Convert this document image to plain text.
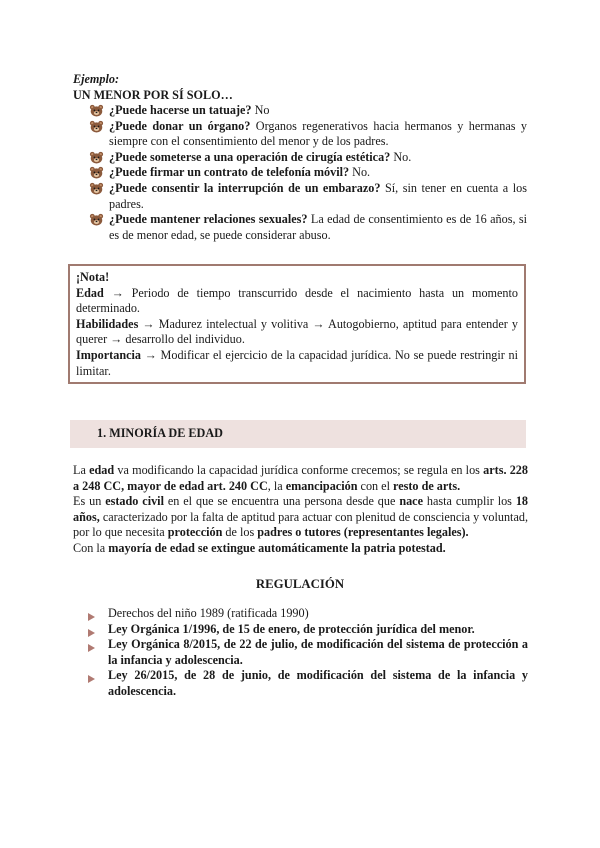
Ejemplo:
UN MENOR POR SÍ SOLO…
¿Puede hacerse un tatuaje? No
¿Puede donar un órgano? Organos regenerativos hacia hermanos y hermanas y siempre con el consentimiento del menor y de los padres.
¿Puede someterse a una operación de cirugía estética? No.
¿Puede firmar un contrato de telefonía móvil? No.
¿Puede consentir la interrupción de un embarazo? Sí, sin tener en cuenta a los padres.
¿Puede mantener relaciones sexuales? La edad de consentimiento es de 16 años, si es de menor edad, se puede considerar abuso.

¡Nota!

Edad → Periodo de tiempo transcurrido desde el nacimiento hasta un momento determinado.

Habilidades → Madurez intelectual y volitiva → Autogobierno, aptitud para entender y querer → desarrollo del individuo.

Importancia → Modificar el ejercicio de la capacidad jurídica. No se puede restringir ni limitar.

1. MINORÍA DE EDAD

La edad va modificando la capacidad jurídica conforme crecemos; se regula en los arts. 228 a 248 CC, mayor de edad art. 240 CC, la emancipación con el resto de arts.

Es un estado civil en el que se encuentra una persona desde que nace hasta cumplir los 18 años, caracterizado por la falta de aptitud para actuar con plenitud de consciencia y voluntad, por lo que necesita protección de los padres o tutores (representantes legales).

Con la mayoría de edad se extingue automáticamente la patria potestad.

REGULACIÓN
Derechos del niño 1989 (ratificada 1990)
Ley Orgánica 1/1996, de 15 de enero, de protección jurídica del menor.
Ley Orgánica 8/2015, de 22 de julio, de modificación del sistema de protección a la infancia y adolescencia.
Ley 26/2015, de 28 de junio, de modificación del sistema de la infancia y adolescencia.
